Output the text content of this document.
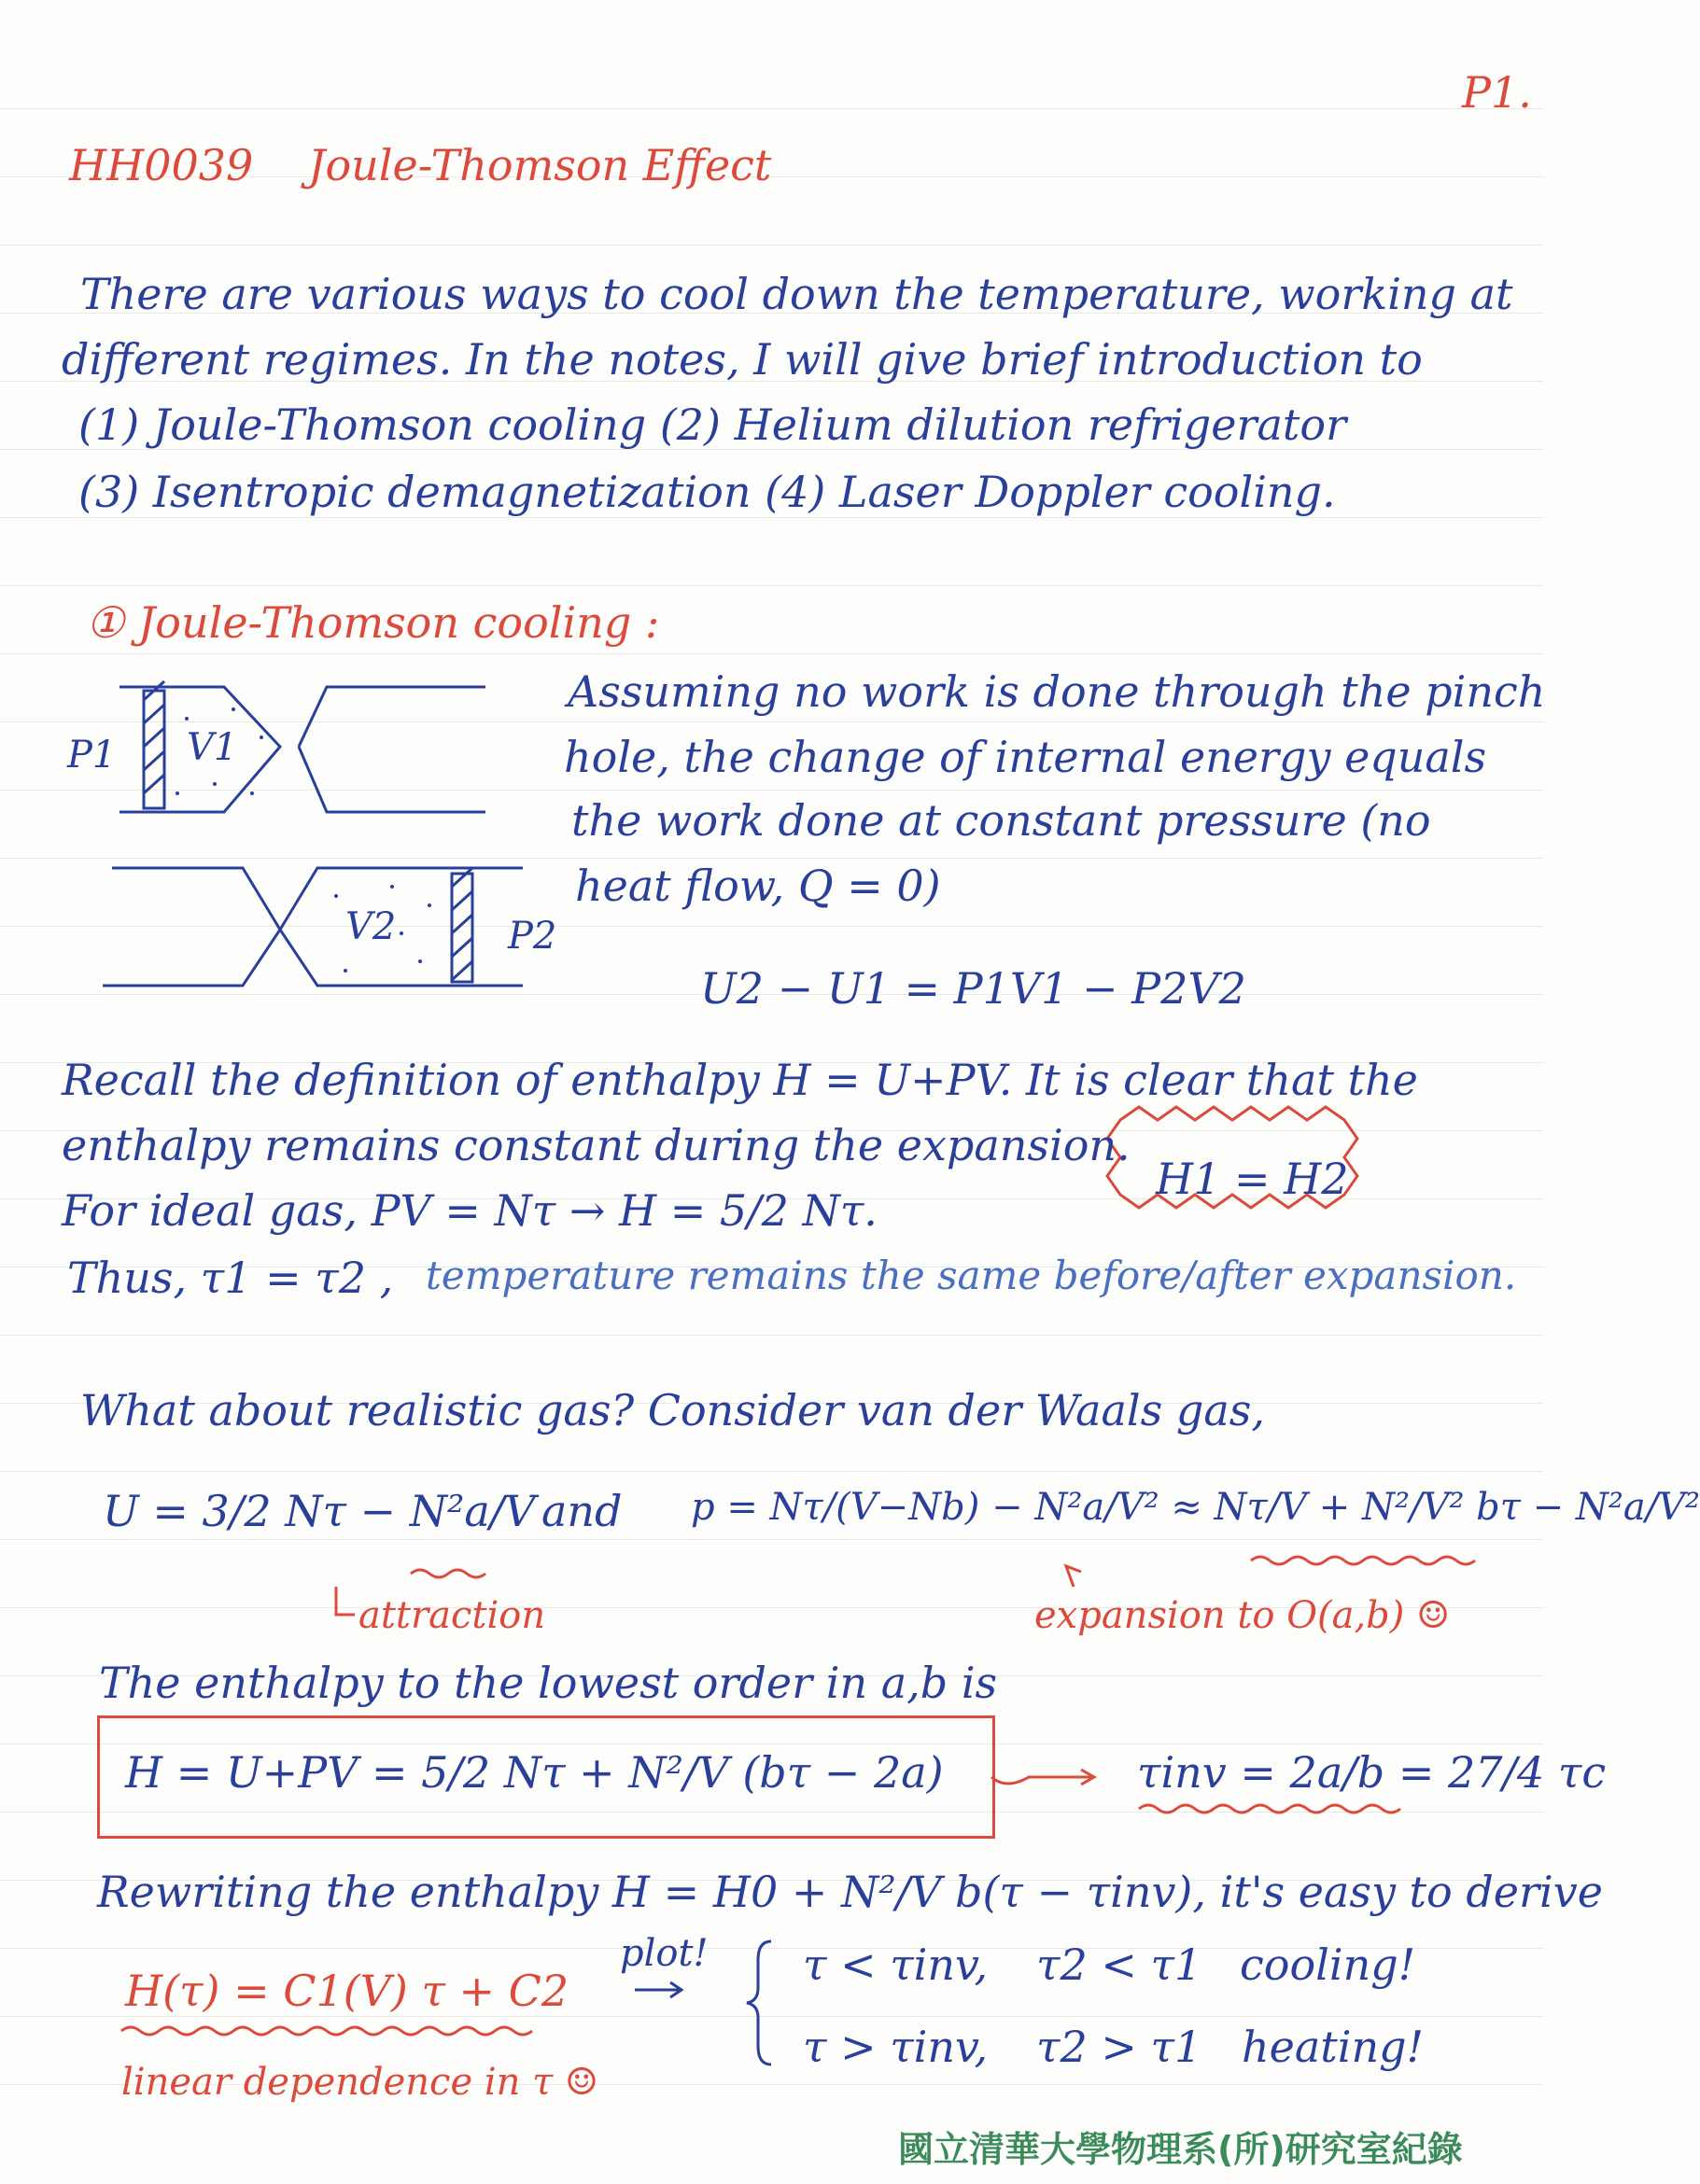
P1.
HH0039 Joule-Thomson Effect
There are various ways to cool down the temperature, working at
different regimes. In the notes, I will give brief introduction to
(1) Joule-Thomson cooling (2) Helium dilution refrigerator
(3) Isentropic demagnetization (4) Laser Doppler cooling.
① Joule-Thomson cooling :
P1 V1
V2	P2
Assuming no work is done through the pinch
hole, the change of internal energy equals
the work done at constant pressure (no
heat flow, Q = 0)
U2 − U1 = P1V1 − P2V2
Recall the definition of enthalpy H = U+PV. It is clear that the
enthalpy remains constant during the expansion.
H1 = H2
For ideal gas, PV = Nτ → H = 5/2 Nτ.
Thus, τ1 = τ2 , temperature remains the same before/after expansion.
What about realistic gas? Consider van der Waals gas,
U = 3/2 Nτ − N²a/V and p = Nτ/(V−Nb) − N²a/V² ≈ Nτ/V + N²/V² bτ − N²a/V²
attraction	expansion to O(a,b) ☺
The enthalpy to the lowest order in a,b is
H = U+PV = 5/2 Nτ + N²/V (bτ − 2a)	τinv = 2a/b = 27/4 τc
Rewriting the enthalpy H = H0 + N²/V b(τ − τinv), it's easy to derive
H(τ) = C1(V) τ + C2
plot! τ < τinv, τ2 < τ1 cooling!
τ > τinv, τ2 > τ1 heating!
linear dependence in τ ☺
國立清華大學物理系(所)研究室紀錄
